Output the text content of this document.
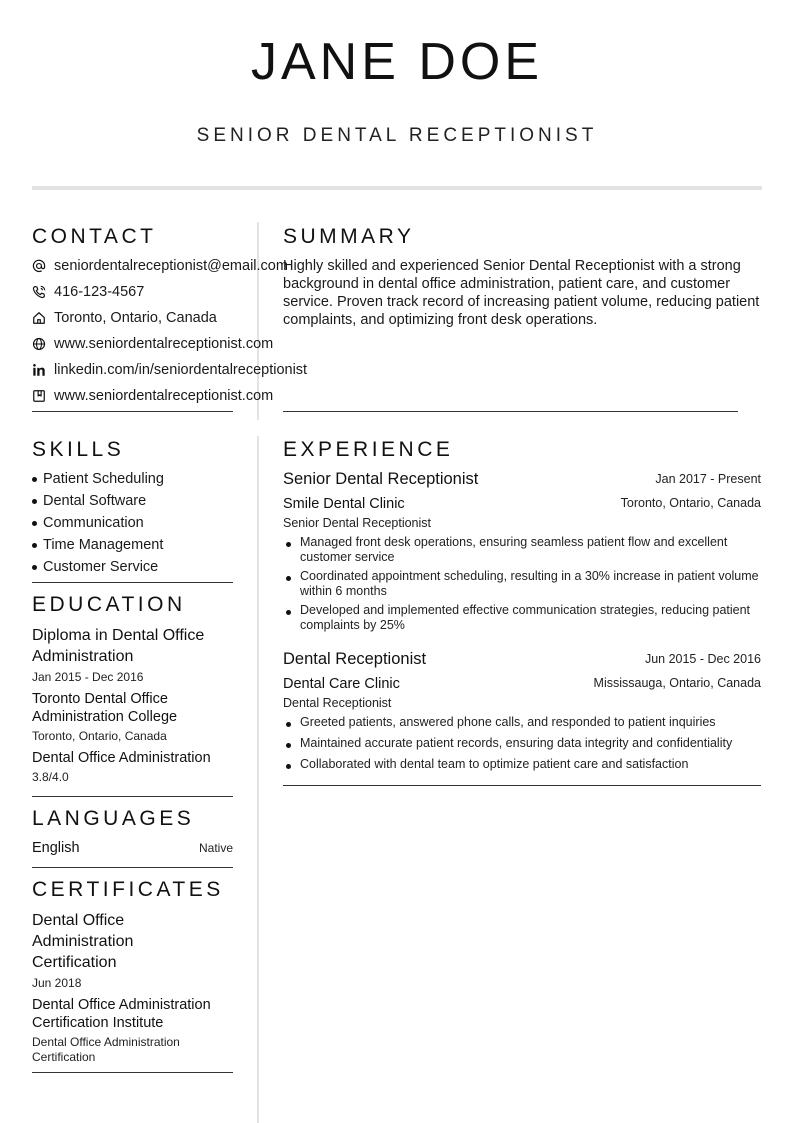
JANE DOE
SENIOR DENTAL RECEPTIONIST
CONTACT
seniordentalreceptionist@email.com
416-123-4567
Toronto, Ontario, Canada
www.seniordentalreceptionist.com
linkedin.com/in/seniordentalreceptionist
www.seniordentalreceptionist.com
SUMMARY
Highly skilled and experienced Senior Dental Receptionist with a strong background in dental office administration, patient care, and customer service. Proven track record of increasing patient volume, reducing patient complaints, and optimizing front desk operations.
SKILLS
Patient Scheduling
Dental Software
Communication
Time Management
Customer Service
EDUCATION
Diploma in Dental Office Administration
Jan 2015 - Dec 2016
Toronto Dental Office Administration College
Toronto, Ontario, Canada
Dental Office Administration
3.8/4.0
LANGUAGES
English	Native
CERTIFICATES
Dental Office Administration Certification
Jun 2018
Dental Office Administration Certification Institute
Dental Office Administration Certification
EXPERIENCE
Senior Dental Receptionist	Jan 2017 - Present
Smile Dental Clinic	Toronto, Ontario, Canada
Senior Dental Receptionist
Managed front desk operations, ensuring seamless patient flow and excellent customer service
Coordinated appointment scheduling, resulting in a 30% increase in patient volume within 6 months
Developed and implemented effective communication strategies, reducing patient complaints by 25%
Dental Receptionist	Jun 2015 - Dec 2016
Dental Care Clinic	Mississauga, Ontario, Canada
Dental Receptionist
Greeted patients, answered phone calls, and responded to patient inquiries
Maintained accurate patient records, ensuring data integrity and confidentiality
Collaborated with dental team to optimize patient care and satisfaction
